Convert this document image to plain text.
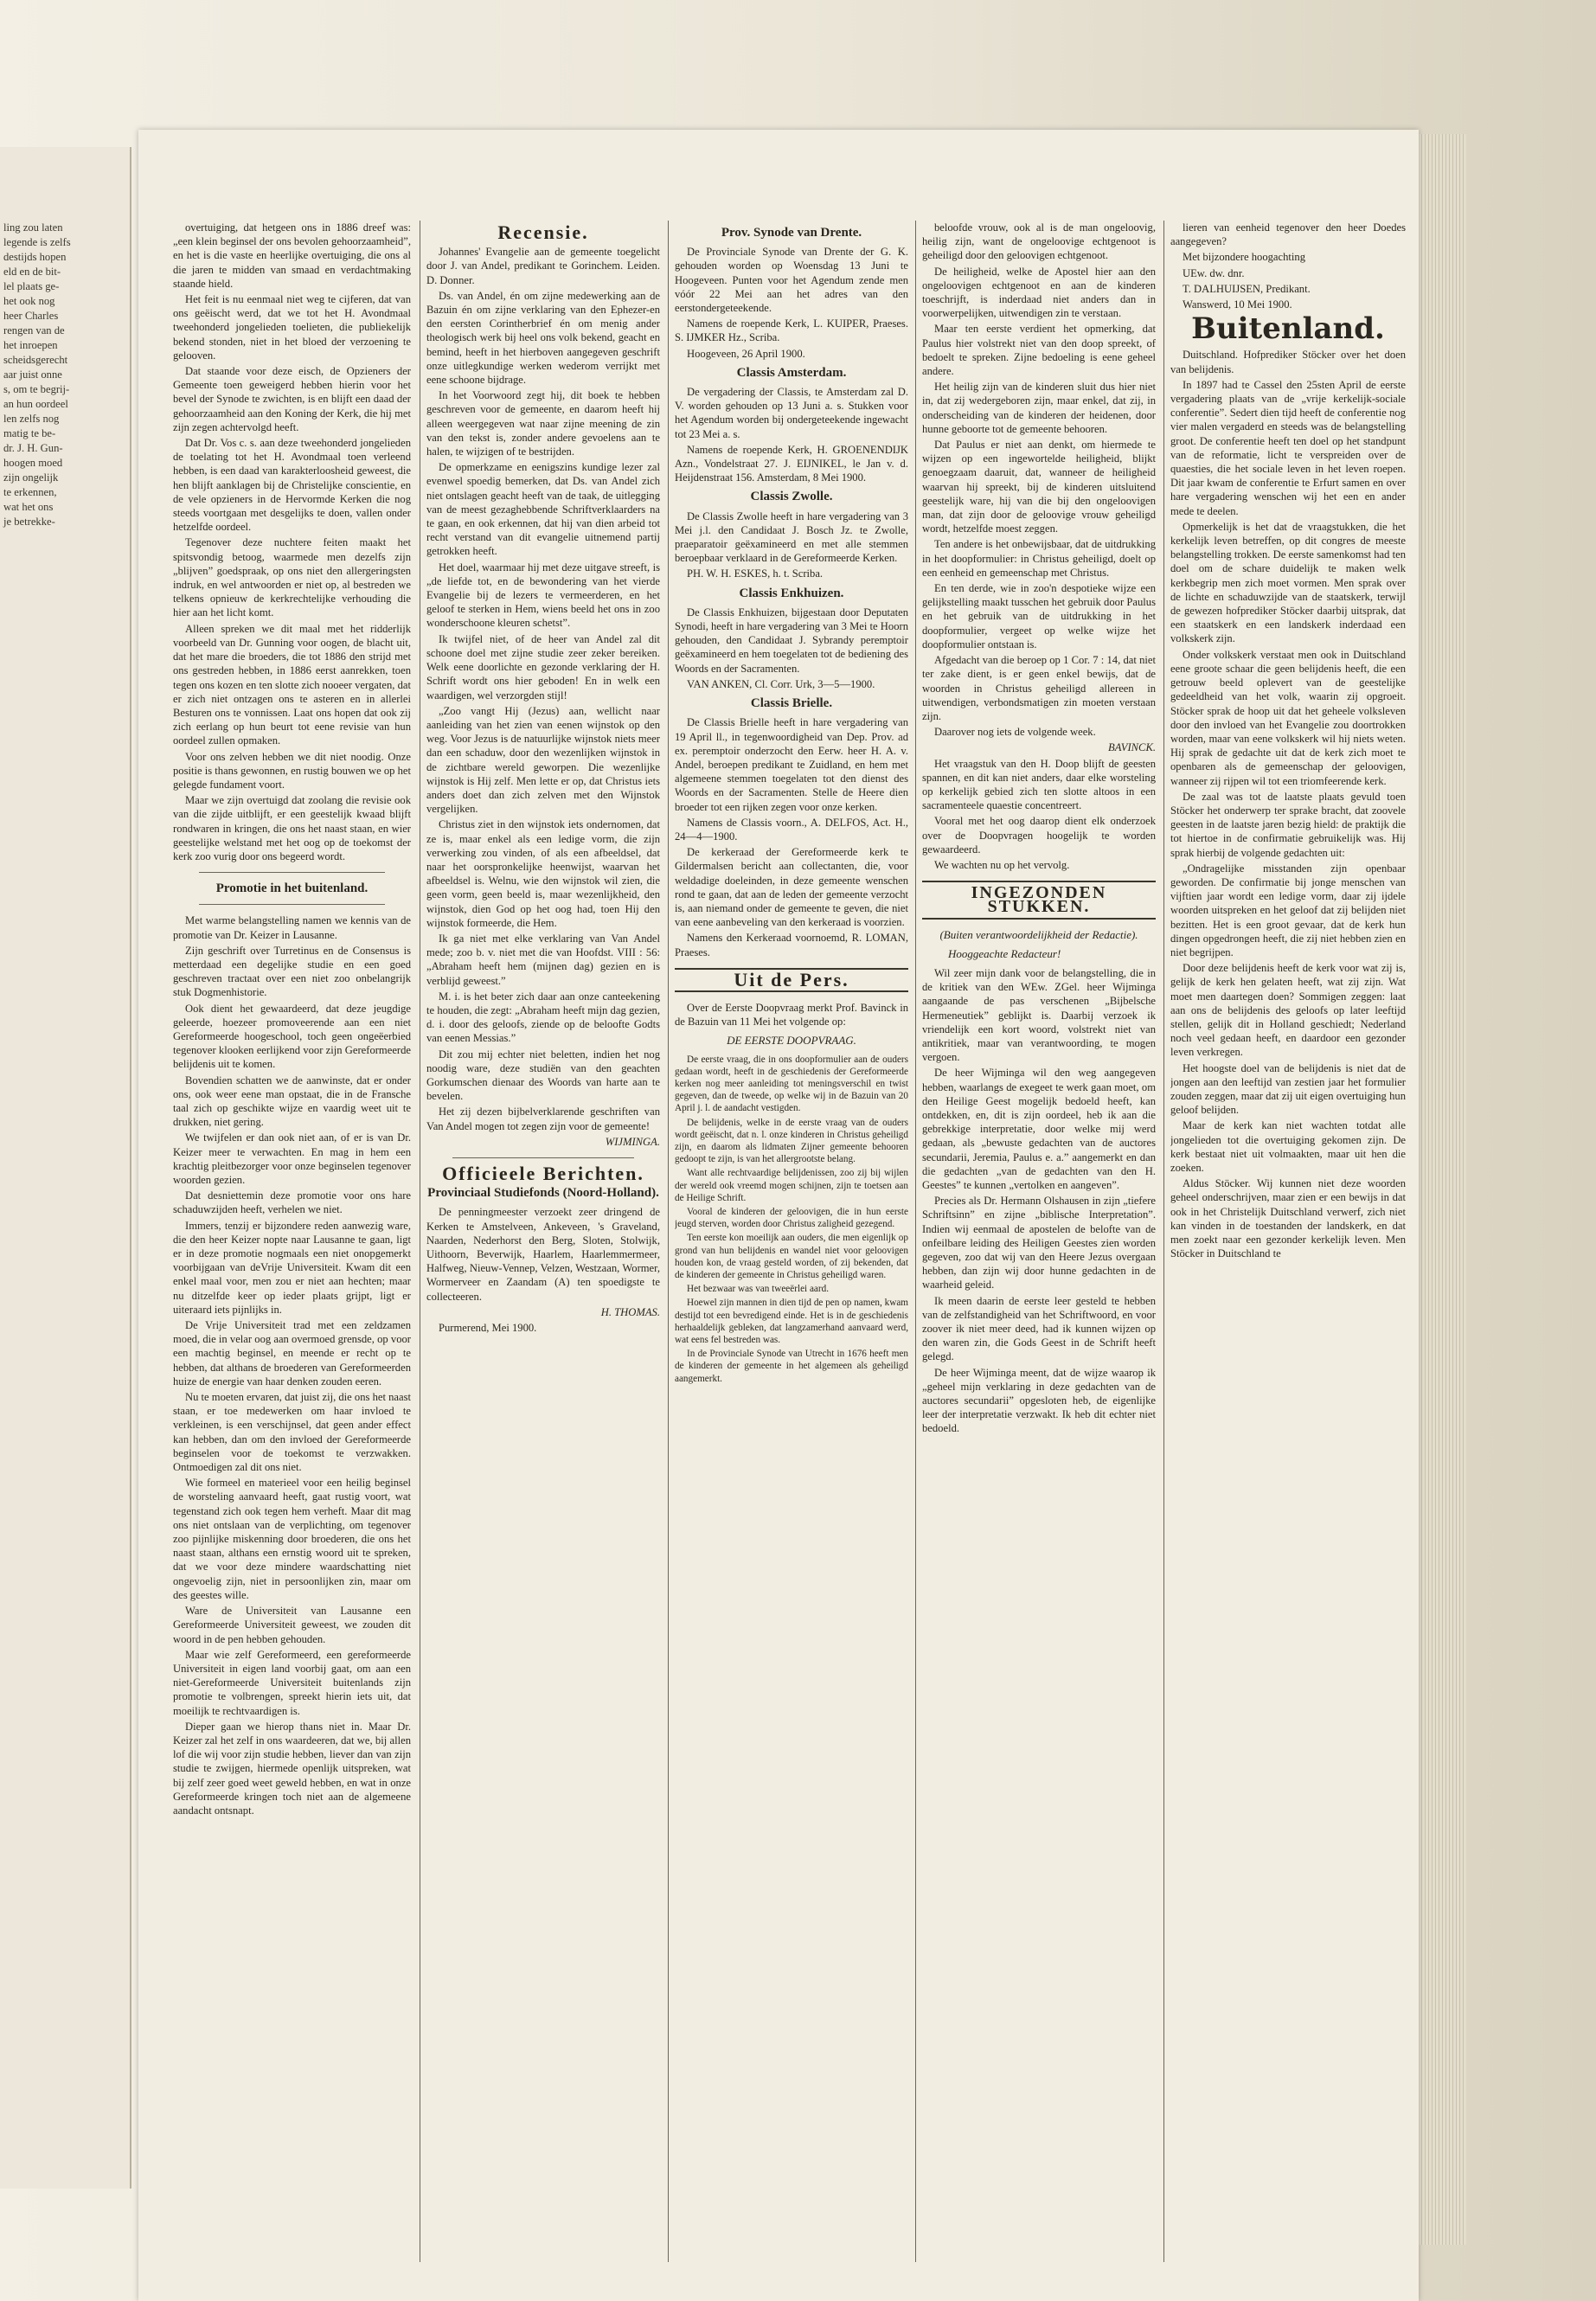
ling zou laten
legende is zelfs
destijds hopen
eld en de bit-
lel plaats ge-
het ook nog
heer Charles
rengen van de
het inroepen
scheidsgerecht
aar juist onne
s, om te begrij-
an hun oordeel
len zelfs nog
matig te be-
dr. J. H. Gun-
hoogen moed
zijn ongelijk
te erkennen,
wat het ons
je betrekke-

overtuiging, dat hetgeen ons in 1886 dreef was: „een klein beginsel der ons bevolen gehoorzaamheid”, en het is die vaste en heerlijke overtuiging, die ons al die jaren te midden van smaad en verdachtmaking staande hield.

Het feit is nu eenmaal niet weg te cijferen, dat van ons geëischt werd, dat we tot het H. Avondmaal tweehonderd jongelieden toelieten, die publiekelijk bekend stonden, niet in het bloed der verzoening te gelooven.

Dat staande voor deze eisch, de Opzieners der Gemeente toen geweigerd hebben hierin voor het bevel der Synode te zwichten, is en blijft een daad der gehoorzaamheid aan den Koning der Kerk, die hij met zijn zegen achtervolgd heeft.

Dat Dr. Vos c. s. aan deze tweehonderd jongelieden de toelating tot het H. Avondmaal toen verleend hebben, is een daad van karakterloosheid geweest, die hen blijft aanklagen bij de Christelijke conscientie, en de vele opzieners in de Hervormde Kerken die nog steeds voortgaan met desgelijks te doen, vallen onder hetzelfde oordeel.

Tegenover deze nuchtere feiten maakt het spitsvondig betoog, waarmede men dezelfs zijn „blijven” goedspraak, op ons niet den allergeringsten indruk, en wel antwoorden er niet op, al bestreden we telkens opnieuw de kerkrechtelijke verhouding die hier aan het licht komt.

Alleen spreken we dit maal met het ridderlijk voorbeeld van Dr. Gunning voor oogen, de blacht uit, dat het mare die broeders, die tot 1886 den strijd met ons gestreden hebben, in 1886 eerst aanrekken, toen tegen ons kozen en ten slotte zich nooeer vergaten, dat er zich niet ontzagen ons te asteren en in allerlei Besturen ons te vonnissen. Laat ons hopen dat ook zij zich eerlang op hun beurt tot eene revisie van hun oordeel zullen opmaken.

Voor ons zelven hebben we dit niet noodig. Onze positie is thans gewonnen, en rustig bouwen we op het gelegde fundament voort.

Maar we zijn overtuigd dat zoolang die revisie ook van die zijde uitblijft, er een geestelijk kwaad blijft rondwaren in kringen, die ons het naast staan, en wier geestelijke welstand met het oog op de toekomst der kerk zoo vurig door ons begeerd wordt.

Promotie in het buitenland.

Met warme belangstelling namen we kennis van de promotie van Dr. Keizer in Lausanne.

Zijn geschrift over Turretinus en de Consensus is metterdaad een degelijke studie en een goed geschreven tractaat over een niet zoo onbelangrijk stuk Dogmenhistorie.

Ook dient het gewaardeerd, dat deze jeugdige geleerde, hoezeer promoveerende aan een niet Gereformeerde hoogeschool, toch geen ongeëerbied tegenover klooken eerlijkend voor zijn Gereformeerde belijdenis uit te komen.

Bovendien schatten we de aanwinste, dat er onder ons, ook weer eene man opstaat, die in de Fransche taal zich op geschikte wijze en vaardig weet uit te drukken, niet gering.

We twijfelen er dan ook niet aan, of er is van Dr. Keizer meer te verwachten. En mag in hem een krachtig pleitbezorger voor onze beginselen tegenover woorden gezien.

Dat desniettemin deze promotie voor ons hare schaduwzijden heeft, verhelen we niet.

Immers, tenzij er bijzondere reden aanwezig ware, die den heer Keizer nopte naar Lausanne te gaan, ligt er in deze promotie nogmaals een niet onopgemerkt voorbijgaan van deVrije Universiteit. Kwam dit een enkel maal voor, men zou er niet aan hechten; maar nu ditzelfde keer op ieder plaats grijpt, ligt er uiteraard iets pijnlijks in.

De Vrije Universiteit trad met een zeldzamen moed, die in velar oog aan overmoed grensde, op voor een machtig beginsel, en meende er recht op te hebben, dat althans de broederen van Gereformeerden huize de energie van haar denken zouden eeren.

Nu te moeten ervaren, dat juist zij, die ons het naast staan, er toe medewerken om haar invloed te verkleinen, is een verschijnsel, dat geen ander effect kan hebben, dan om den invloed der Gereformeerde beginselen voor de toekomst te verzwakken. Ontmoedigen zal dit ons niet.

Wie formeel en materieel voor een heilig beginsel de worsteling aanvaard heeft, gaat rustig voort, wat tegenstand zich ook tegen hem verheft. Maar dit mag ons niet ontslaan van de verplichting, om tegenover zoo pijnlijke miskenning door broederen, die ons het naast staan, althans een ernstig woord uit te spreken, dat we voor deze mindere waardschatting niet ongevoelig zijn, niet in persoonlijken zin, maar om des geestes wille.

Ware de Universiteit van Lausanne een Gereformeerde Universiteit geweest, we zouden dit woord in de pen hebben gehouden.

Maar wie zelf Gereformeerd, een gereformeerde Universiteit in eigen land voorbij gaat, om aan een niet-Gereformeerde Universiteit buitenlands zijn promotie te volbrengen, spreekt hierin iets uit, dat moeilijk te rechtvaardigen is.

Dieper gaan we hierop thans niet in. Maar Dr. Keizer zal het zelf in ons waardeeren, dat we, bij allen lof die wij voor zijn studie hebben, liever dan van zijn studie te zwijgen, hiermede openlijk uitspreken, wat bij zelf zeer goed weet geweld hebben, en wat in onze Gereformeerde kringen toch niet aan de algemeene aandacht ontsnapt.

Recensie.

Johannes' Evangelie aan de gemeente toegelicht door J. van Andel, predikant te Gorinchem. Leiden. D. Donner.

Ds. van Andel, én om zijne medewerking aan de Bazuin én om zijne verklaring van den Ephezer-en den eersten Corintherbrief én om menig ander theologisch werk bij heel ons volk bekend, geacht en bemind, heeft in het hierboven aangegeven geschrift onze uitlegkundige werken wederom verrijkt met eene schoone bijdrage.

In het Voorwoord zegt hij, dit boek te hebben geschreven voor de gemeente, en daarom heeft hij alleen weergegeven wat naar zijne meening de zin van den tekst is, zonder andere gevoelens aan te halen, te wijzigen of te bestrijden.

De opmerkzame en eenigszins kundige lezer zal evenwel spoedig bemerken, dat Ds. van Andel zich niet ontslagen geacht heeft van de taak, de uitlegging van de meest gezaghebbende Schriftverklaarders na te gaan, en ook erkennen, dat hij van dien arbeid tot recht verstand van dit evangelie uitnemend partij getrokken heeft.

Het doel, waarmaar hij met deze uitgave streeft, is „de liefde tot, en de bewondering van het vierde Evangelie bij de lezers te vermeerderen, en het geloof te sterken in Hem, wiens beeld het ons in zoo wonderschoone kleuren schetst”.

Ik twijfel niet, of de heer van Andel zal dit schoone doel met zijne studie zeer zeker bereiken. Welk eene doorlichte en gezonde verklaring der H. Schrift wordt ons hier geboden! En in welk een waardigen, wel verzorgden stijl!

„Zoo vangt Hij (Jezus) aan, wellicht naar aanleiding van het zien van eenen wijnstok op den weg. Voor Jezus is de natuurlijke wijnstok niets meer dan een schaduw, door den wezenlijken wijnstok in de zichtbare wereld geworpen. Die wezenlijke wijnstok is Hij zelf. Men lette er op, dat Christus iets anders doet dan zich zelven met den Wijnstok vergelijken.

Christus ziet in den wijnstok iets ondernomen, dat ze is, maar enkel als een ledige vorm, die zijn verwerking zou vinden, of als een afbeeldsel, dat naar het oorspronkelijke heenwijst, waarvan het afbeeldsel is. Welnu, wie den wijnstok wil zien, die geen vorm, geen beeld is, maar wezenlijkheid, den wijnstok, dien God op het oog had, toen Hij den wijnstok formeerde, die Hem.

Ik ga niet met elke verklaring van Van Andel mede; zoo b. v. niet met die van Hoofdst. VIII : 56: „Abraham heeft hem (mijnen dag) gezien en is verblijd geweest.”

M. i. is het beter zich daar aan onze canteekening te houden, die zegt: „Abraham heeft mijn dag gezien, d. i. door des geloofs, ziende op de beloofte Godts van eenen Messias.”

Dit zou mij echter niet beletten, indien het nog noodig ware, deze studiën van den geachten Gorkumschen dienaar des Woords van harte aan te bevelen.

Het zij dezen bijbelverklarende geschriften van Van Andel mogen tot zegen zijn voor de gemeente!

WIJMINGA.

Officieele Berichten.
Provinciaal Studiefonds (Noord-Holland).

De penningmeester verzoekt zeer dringend de Kerken te Amstelveen, Ankeveen, 's Graveland, Naarden, Nederhorst den Berg, Sloten, Stolwijk, Uithoorn, Beverwijk, Haarlem, Haarlemmermeer, Halfweg, Nieuw-Vennep, Velzen, Westzaan, Wormer, Wormerveer en Zaandam (A) ten spoedigste te collecteeren.

H. THOMAS.

Purmerend, Mei 1900.

Prov. Synode van Drente.

De Provinciale Synode van Drente der G. K. gehouden worden op Woensdag 13 Juni te Hoogeveen. Punten voor het Agendum zende men vóór 22 Mei aan het adres van den eerstondergeteekende.

Namens de roepende Kerk, L. KUIPER, Praeses. S. IJMKER Hz., Scriba.

Hoogeveen, 26 April 1900.

Classis Amsterdam.

De vergadering der Classis, te Amsterdam zal D. V. worden gehouden op 13 Juni a. s. Stukken voor het Agendum worden bij ondergeteekende ingewacht tot 23 Mei a. s.

Namens de roepende Kerk, H. GROENENDIJK Azn., Vondelstraat 27. J. EIJNIKEL, le Jan v. d. Heijdenstraat 156. Amsterdam, 8 Mei 1900.

Classis Zwolle.

De Classis Zwolle heeft in hare vergadering van 3 Mei j.l. den Candidaat J. Bosch Jz. te Zwolle, praeparatoir geëxamineerd en met alle stemmen beroepbaar verklaard in de Gereformeerde Kerken.

PH. W. H. ESKES, h. t. Scriba.

Classis Enkhuizen.

De Classis Enkhuizen, bijgestaan door Deputaten Synodi, heeft in hare vergadering van 3 Mei te Hoorn gehouden, den Candidaat J. Sybrandy peremptoir geëxamineerd en hem toegelaten tot de bediening des Woords en der Sacramenten.

VAN ANKEN, Cl. Corr. Urk, 3—5—1900.

Classis Brielle.

De Classis Brielle heeft in hare vergadering van 19 April ll., in tegenwoordigheid van Dep. Prov. ad ex. peremptoir onderzocht den Eerw. heer H. A. v. Andel, beroepen predikant te Zuidland, en hem met algemeene stemmen toegelaten tot den dienst des Woords en der Sacramenten. Stelle de Heere dien broeder tot een rijken zegen voor onze kerken.

Namens de Classis voorn., A. DELFOS, Act. H., 24—4—1900.

De kerkeraad der Gereformeerde kerk te Gildermalsen bericht aan collectanten, die, voor weldadige doeleinden, in deze gemeente wenschen rond te gaan, dat aan de leden der gemeente verzocht is, aan niemand onder de gemeente te geven, die niet van eene aanbeveling van den kerkeraad is voorzien.

Namens den Kerkeraad voornoemd, R. LOMAN, Praeses.

Uit de Pers.

Over de Eerste Doopvraag merkt Prof. Bavinck in de Bazuin van 11 Mei het volgende op:

DE EERSTE DOOPVRAAG.

De eerste vraag, die in ons doopformulier aan de ouders gedaan wordt, heeft in de geschiedenis der Gereformeerde kerken nog meer aanleiding tot meningsverschil en twist gegeven, dan de tweede, op welke wij in de Bazuin van 20 April j. l. de aandacht vestigden.

De belijdenis, welke in de eerste vraag van de ouders wordt geëischt, dat n. l. onze kinderen in Christus geheiligd zijn, en daarom als lidmaten Zijner gemeente behooren gedoopt te zijn, is van het allergrootste belang.

Want alle rechtvaardige belijdenissen, zoo zij bij wijlen der wereld ook vreemd mogen schijnen, zijn te toetsen aan de Heilige Schrift.

Vooral de kinderen der geloovigen, die in hun eerste jeugd sterven, worden door Christus zaligheid gezegend.

Ten eerste kon moeilijk aan ouders, die men eigenlijk op grond van hun belijdenis en wandel niet voor geloovigen houden kon, de vraag gesteld worden, of zij bekenden, dat de kinderen der gemeente in Christus geheiligd waren.

Het bezwaar was van tweeërlei aard.

Hoewel zijn mannen in dien tijd de pen op namen, kwam destijd tot een bevredigend einde. Het is in de geschiedenis herhaaldelijk gebleken, dat langzamerhand aanvaard werd, wat eens fel bestreden was.

In de Provinciale Synode van Utrecht in 1676 heeft men de kinderen der gemeente in het algemeen als geheiligd aangemerkt.

beloofde vrouw, ook al is de man ongeloovig, heilig zijn, want de ongeloovige echtgenoot is geheiligd door den geloovigen echtgenoot.

De heiligheid, welke de Apostel hier aan den ongeloovigen echtgenoot en aan de kinderen toeschrijft, is inderdaad niet anders dan in voorwerpelijken, uitwendigen zin te verstaan.

Maar ten eerste verdient het opmerking, dat Paulus hier volstrekt niet van den doop spreekt, of bedoelt te spreken. Zijne bedoeling is eene geheel andere.

Het heilig zijn van de kinderen sluit dus hier niet in, dat zij wedergeboren zijn, maar enkel, dat zij, in onderscheiding van de kinderen der heidenen, door hunne geboorte tot de gemeente behooren.

Dat Paulus er niet aan denkt, om hiermede te wijzen op een ingewortelde heiligheid, blijkt genoegzaam daaruit, dat, wanneer de heiligheid waarvan hij spreekt, bij de kinderen uitsluitend geestelijk ware, hij van die bij den ongeloovigen man, dat zijn door de geloovige vrouw geheiligd wordt, hetzelfde moest zeggen.

Ten andere is het onbewijsbaar, dat de uitdrukking in het doopformulier: in Christus geheiligd, doelt op een eenheid en gemeenschap met Christus.

En ten derde, wie in zoo'n despotieke wijze een gelijkstelling maakt tusschen het gebruik door Paulus en het gebruik van de uitdrukking in het doopformulier, vergeet op welke wijze het doopformulier ontstaan is.

Afgedacht van die beroep op 1 Cor. 7 : 14, dat niet ter zake dient, is er geen enkel bewijs, dat de woorden in Christus geheiligd allereen in uitwendigen, verbondsmatigen zin moeten verstaan zijn.

Daarover nog iets de volgende week.

BAVINCK.

Het vraagstuk van den H. Doop blijft de geesten spannen, en dit kan niet anders, daar elke worsteling op kerkelijk gebied zich ten slotte altoos in een sacramenteele quaestie concentreert.

Vooral met het oog daarop dient elk onderzoek over de Doopvragen hoogelijk te worden gewaardeerd.

We wachten nu op het vervolg.

INGEZONDEN STUKKEN.
(Buiten verantwoordelijkheid der Redactie).
Hooggeachte Redacteur!

Wil zeer mijn dank voor de belangstelling, die in de kritiek van den WEw. ZGel. heer Wijminga aangaande de pas verschenen „Bijbelsche Hermeneutiek” geblijkt is. Daarbij verzoek ik vriendelijk een kort woord, volstrekt niet van antikritiek, maar van verantwoording, te mogen vergoen.

De heer Wijminga wil den weg aangegeven hebben, waarlangs de exegeet te werk gaan moet, om den Heilige Geest mogelijk bedoeld heeft, kan ontdekken, en, dit is zijn oordeel, heb ik aan die gebrekkige interpretatie, door welke mij werd gedaan, als „bewuste gedachten van de auctores secundarii, Jeremia, Paulus e. a.” aangemerkt en dan die gedachten „van de gedachten van den H. Geestes” te kunnen „vertolken en aangeven”.

Precies als Dr. Hermann Olshausen in zijn „tiefere Schriftsinn” en zijne „biblische Interpretation”. Indien wij eenmaal de apostelen de belofte van de onfeilbare leiding des Heiligen Geestes zien worden gegeven, zoo dat wij van den Heere Jezus overgaan hebben, dan zijn wij door hunne gedachten in de waarheid geleid.

Ik meen daarin de eerste leer gesteld te hebben van de zelfstandigheid van het Schriftwoord, en voor zoover ik niet meer deed, had ik kunnen wijzen op den waren zin, die Gods Geest in de Schrift heeft gelegd.

De heer Wijminga meent, dat de wijze waarop ik „geheel mijn verklaring in deze gedachten van de auctores secundarii” opgesloten heb, de eigenlijke leer der interpretatie verzwakt. Ik heb dit echter niet bedoeld.

lieren van eenheid tegenover den heer Doedes aangegeven?

Met bijzondere hoogachting

UEw. dw. dnr.

T. DALHUIJSEN, Predikant.

Wanswerd, 10 Mei 1900.

Buitenland.

Duitschland. Hofprediker Stöcker over het doen van belijdenis.

In 1897 had te Cassel den 25sten April de eerste vergadering plaats van de „vrije kerkelijk-sociale conferentie”. Sedert dien tijd heeft de conferentie nog vier malen vergaderd en steeds was de belangstelling groot. De conferentie heeft ten doel op het standpunt van de reformatie, licht te verspreiden over de quaesties, die het sociale leven in het leven roepen. Dit jaar kwam de conferentie te Erfurt samen en over hare vergadering wenschen wij het een en ander mede te deelen.

Opmerkelijk is het dat de vraagstukken, die het kerkelijk leven betreffen, op dit congres de meeste belangstelling trokken. De eerste samenkomst had ten doel om de schare duidelijk te maken welk kerkbegrip men zich moet vormen. Men sprak over de lichte en schaduwzijde van de staatskerk, terwijl de gewezen hofprediker Stöcker daarbij uitsprak, dat een staatskerk en een landskerk inderdaad een volkskerk zijn.

Onder volkskerk verstaat men ook in Duitschland eene groote schaar die geen belijdenis heeft, die een getrouw beeld oplevert van de geestelijke gedeeldheid van het volk, waarin zij opgroeit. Stöcker sprak de hoop uit dat het geheele volksleven door den invloed van het Evangelie zou doortrokken worden, maar van eene volkskerk wil hij niets weten. Hij sprak de gedachte uit dat de kerk zich moet te openbaren als de gemeenschap der geloovigen, wanneer zij rijpen wil tot een triomfeerende kerk.

De zaal was tot de laatste plaats gevuld toen Stöcker het onderwerp ter sprake bracht, dat zoovele geesten in de laatste jaren bezig hield: de praktijk die tot hiertoe in de confirmatie gebruikelijk was. Hij sprak hierbij de volgende gedachten uit:

„Ondragelijke misstanden zijn openbaar geworden. De confirmatie bij jonge menschen van vijftien jaar wordt een ledige vorm, daar zij ijdele woorden uitspreken en het geloof dat zij belijden niet bezitten. Het is een groot gevaar, dat de kerk hun dingen opgedrongen heeft, die zij niet hebben zien en niet begrijpen.

Door deze belijdenis heeft de kerk voor wat zij is, gelijk de kerk hen gelaten heeft, wat zij zijn. Wat moet men daartegen doen? Sommigen zeggen: laat aan ons de belijdenis des geloofs op later leeftijd stellen, gelijk dit in Holland geschiedt; Nederland noch veel gedaan heeft, en daardoor een gezonder leven verkregen.

Het hoogste doel van de belijdenis is niet dat de jongen aan den leeftijd van zestien jaar het formulier zouden zeggen, maar dat zij uit eigen overtuiging hun geloof belijden.

Maar de kerk kan niet wachten totdat alle jongelieden tot die overtuiging gekomen zijn. De kerk bestaat niet uit volmaakten, maar uit hen die zoeken.

Aldus Stöcker. Wij kunnen niet deze woorden geheel onderschrijven, maar zien er een bewijs in dat ook in het Christelijk Duitschland verwerf, zich niet kan vinden in de toestanden der landskerk, en dat men zoekt naar een gezonder kerkelijk leven. Men Stöcker in Duitschland te
